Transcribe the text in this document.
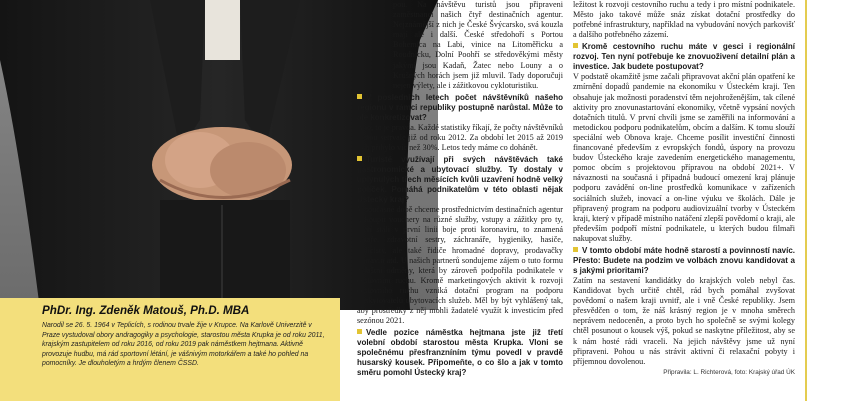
PhDr. Ing. Zdeněk Matouš, Ph.D. MBA

Narodil se 26. 5. 1964 v Teplicích, s rodinou trvale žije v Krupce. Na Karlově Univerzitě v Praze vystudoval obory andragogiky a psychologie, starostou města Krupka je od roku 2011, krajským zastupitelem od roku 2016, od roku 2019 pak náměstkem hejtmana. Aktivně provozuje hudbu, má rád sportovní létání, je vášnivým motorkářem a také ho pohled na pomocníky. Je dlouholetým a hrdým členem ČSSD.

pou. Na návštěvu turistů jsou připraveni zaměstnanci našich čtyř destinačních agentur. Nejznámější z nich je České Švýcarsko, svá kouzla mají ale i další. České středohoří s Portou Bohemica na Labi, vinice na Litoměřicku a Roudnicku, Dolní Poohří se středověkými městy jakými jsou Kadaň, Žatec nebo Louny a o Krušných horách jsem již mluvil. Tady doporučuji nejen výlety, ale i zážitkovou cykloturistiku.

V posledních letech počet návštěvníků našeho regionu v rámci republiky postupně narůstal. Může to ale konkretizovat?

Ano, to je pravda. Každé statistiky říkají, že počty návštěvníků rostou setrvale již od roku 2012. Za období let 2015 až 2019 jich přibylo víc než 30%. Letos tedy máme co dohánět.

Turisté využívají při svých návštěvách také gastronomické a ubytovací služby. Ty dostaly v uplynulých třech měsících kvůli uzavření hodně velký políček. Pomáhá podnikatelům v této oblasti nějak Ústecký kraj?

V současné době chceme prostřednictvím destinačních agentur nakoupit vouchery na různé služby, vstupy a zážitky pro ty, kteří stáli v první linii boje proti koronaviru, to znamená lékaře, zdravotní sestry, záchranáře, hygieniky, hasiče, policisty, ale také řidiče hromadné dopravy, prodavačky potravin atd. U našich partnerů sondujeme zájem o tuto formu zvláštní odměny, která by zároveň podpořila podnikatele v cestovním ruchu. Kromě marketingových aktivit k rozvoji cestovního ruchu vzniká dotační program na podporu poskytovatelů ubytovacích služeb. Měl by být vyhlášený tak, aby prostředky z něj mohli žadatelé využít k investicím před sezónou 2021.

Vedle pozice náměstka hejtmana jste již třetí volební období starostou města Krupka. Vloni se společnému přesfranzníním týmu povedl v pravdě husarský kousek. Připomeňte, o co šlo a jak v tomto směru pomohl Ústecký kraj?

ležitost k rozvoji cestovního ruchu a tedy i pro místní podnikatele. Město jako takové může snáz získat dotační prostředky do potřebné infrastruktury, například na vybudování nových parkovišť a dalšího potřebného zázemí.

Kromě cestovního ruchu máte v gesci i regionální rozvoj. Ten nyní potřebuje ke znovuoživení detailní plán a investice. Jak budete postupovat?

V podstatě okamžitě jsme začali připravovat akční plán opatření ke zmírnění dopadů pandemie na ekonomiku v Ústeckém kraji. Ten obsahuje jak možnosti poradenství těm nejohroženějším, tak cílené aktivity pro znovunastartování ekonomiky, včetně vypsání nových dotačních titulů. V první chvíli jsme se zaměřili na informování a metodickou podporu podnikatelům, obcím a dalším. K tomu slouží speciální web Obnova kraje. Chceme posílit investiční činnosti financované především z evropských fondů, úspory na provozu budov Ústeckého kraje zavedením energetického managementu, pomoc obcím s projektovou přípravou na období 2021+. V návaznosti na současná i připadná budoucí omezení kraj plánuje podporu zavádění on-line prostředků komunikace v zařízeních sociálních služeb, inovací a on-line výuku ve školách. Dále je připravený program na podporu audiovizuální tvorby v Ústeckém kraji, který v případě místního natáčení zlepší povědomí o kraji, ale především podpoří místní podnikatele, u kterých budou filmaři nakupovat služby.

V tomto období máte hodně starostí a povinností navíc. Přesto: Budete na podzim ve volbách znovu kandidovat a s jakými prioritami?

Zatím na sestavení kandidátky do krajských voleb nebyl čas. Kandidovat bych určitě chtěl, rád bych pomáhal zvyšovat povědomí o našem kraji uvnitř, ale i vně České republiky. Jsem přesvědčen o tom, že náš krásný region je v mnoha směrech neprávem nedoceněn, a proto bych ho společně se svými kolegy chtěl posunout o kousek výš, pokud se naskytne příležitost, aby se k nám hosté rádi vraceli. Na jejich návštěvy jsme už nyní připraveni. Pohou u nás strávit aktivní či relaxační pobyty i příjemnou dovolenou.

Připravila: L. Richterová, foto: Krajský úřad ÚK
